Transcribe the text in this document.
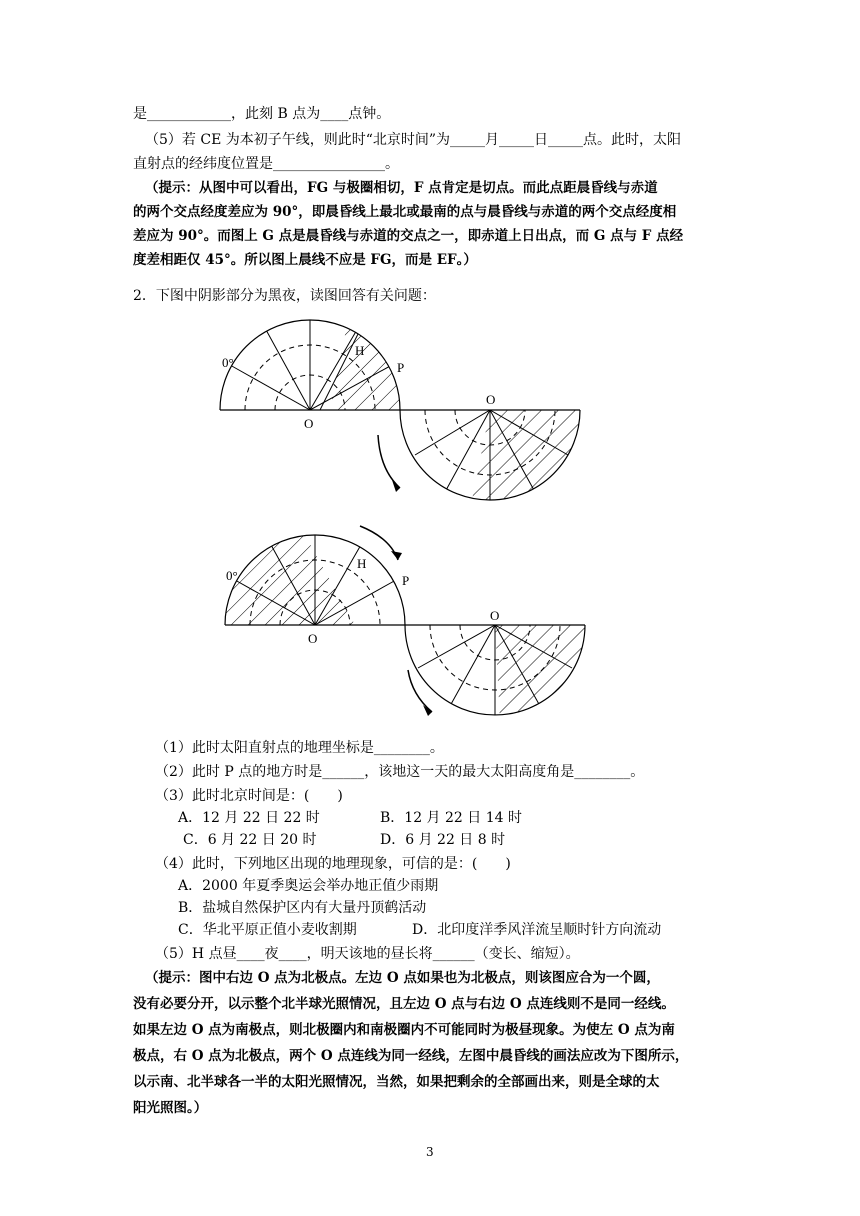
是____________，此刻 B 点为____点钟。
（5）若 CE 为本初子午线，则此时“北京时间”为_____月_____日_____点。此时，太阳
直射点的经纬度位置是________________。
（提示：从图中可以看出，FG 与极圈相切，F 点肯定是切点。而此点距晨昏线与赤道
的两个交点经度差应为 90°，即晨昏线上最北或最南的点与晨昏线与赤道的两个交点经度相
差应为 90°。而图上 G 点是晨昏线与赤道的交点之一，即赤道上日出点，而 G 点与 F 点经
度差相距仅 45°。所以图上晨线不应是 FG，而是 EF。）
2．下图中阴影部分为黑夜，读图回答有关问题：
0°
H
P
O
O
0°
H
P
O
O
（1）此时太阳直射点的地理坐标是________。
（2）此时 P 点的地方时是______，该地这一天的最大太阳高度角是________。
（3）此时北京时间是：(　　)
A．12 月 22 日 22 时	B．12 月 22 日 14 时
C．6 月 22 日 20 时	D．6 月 22 日 8 时
（4）此时，下列地区出现的地理现象，可信的是：(　　)
A．2000 年夏季奥运会举办地正值少雨期
B．盐城自然保护区内有大量丹顶鹤活动
C．华北平原正值小麦收割期	D．北印度洋季风洋流呈顺时针方向流动
（5）H 点昼____夜____，明天该地的昼长将______（变长、缩短）。
（提示：图中右边 O 点为北极点。左边 O 点如果也为北极点，则该图应合为一个圆，
没有必要分开，以示整个北半球光照情况，且左边 O 点与右边 O 点连线则不是同一经线。
如果左边 O 点为南极点，则北极圈内和南极圈内不可能同时为极昼现象。为使左 O 点为南
极点，右 O 点为北极点，两个 O 点连线为同一经线，左图中晨昏线的画法应改为下图所示，
以示南、北半球各一半的太阳光照情况，当然，如果把剩余的全部画出来，则是全球的太
阳光照图。）
3
